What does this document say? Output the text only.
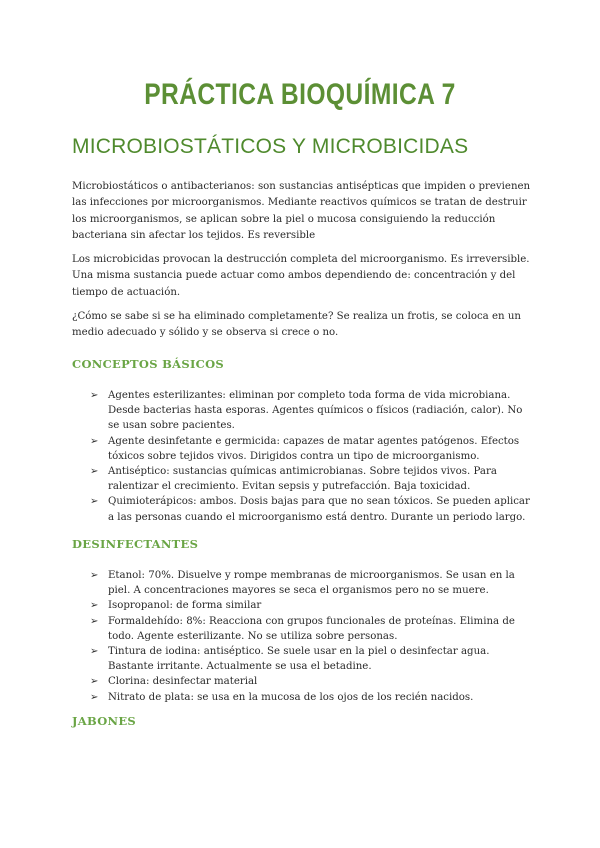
PRÁCTICA BIOQUÍMICA 7
MICROBIOSTÁTICOS Y MICROBICIDAS

Microbiostáticos o antibacterianos: son sustancias antisépticas que impiden o previenen las infecciones por microorganismos. Mediante reactivos químicos se tratan de destruir los microorganismos, se aplican sobre la piel o mucosa consiguiendo la reducción bacteriana sin afectar los tejidos. Es reversible

Los microbicidas provocan la destrucción completa del microorganismo. Es irreversible. Una misma sustancia puede actuar como ambos dependiendo de: concentración y del tiempo de actuación.

¿Cómo se sabe si se ha eliminado completamente? Se realiza un frotis, se coloca en un medio adecuado y sólido y se observa si crece o no.

CONCEPTOS BÁSICOS
➢ Agentes esterilizantes: eliminan por completo toda forma de vida microbiana. Desde bacterias hasta esporas. Agentes químicos o físicos (radiación, calor). No se usan sobre pacientes.
➢ Agente desinfetante e germicida: capazes de matar agentes patógenos. Efectos tóxicos sobre tejidos vivos. Dirigidos contra un tipo de microorganismo.
➢ Antiséptico: sustancias químicas antimicrobianas. Sobre tejidos vivos. Para ralentizar el crecimiento. Evitan sepsis y putrefacción. Baja toxicidad.
➢ Quimioterápicos: ambos. Dosis bajas para que no sean tóxicos. Se pueden aplicar a las personas cuando el microorganismo está dentro. Durante un periodo largo.
DESINFECTANTES
➢ Etanol: 70%. Disuelve y rompe membranas de microorganismos. Se usan en la piel. A concentraciones mayores se seca el organismos pero no se muere.
➢ Isopropanol: de forma similar
➢ Formaldehído: 8%: Reacciona con grupos funcionales de proteínas. Elimina de todo. Agente esterilizante. No se utiliza sobre personas.
➢ Tintura de iodina: antiséptico. Se suele usar en la piel o desinfectar agua. Bastante irritante. Actualmente se usa el betadine.
➢ Clorina: desinfectar material
➢ Nitrato de plata: se usa en la mucosa de los ojos de los recién nacidos.
JABONES
